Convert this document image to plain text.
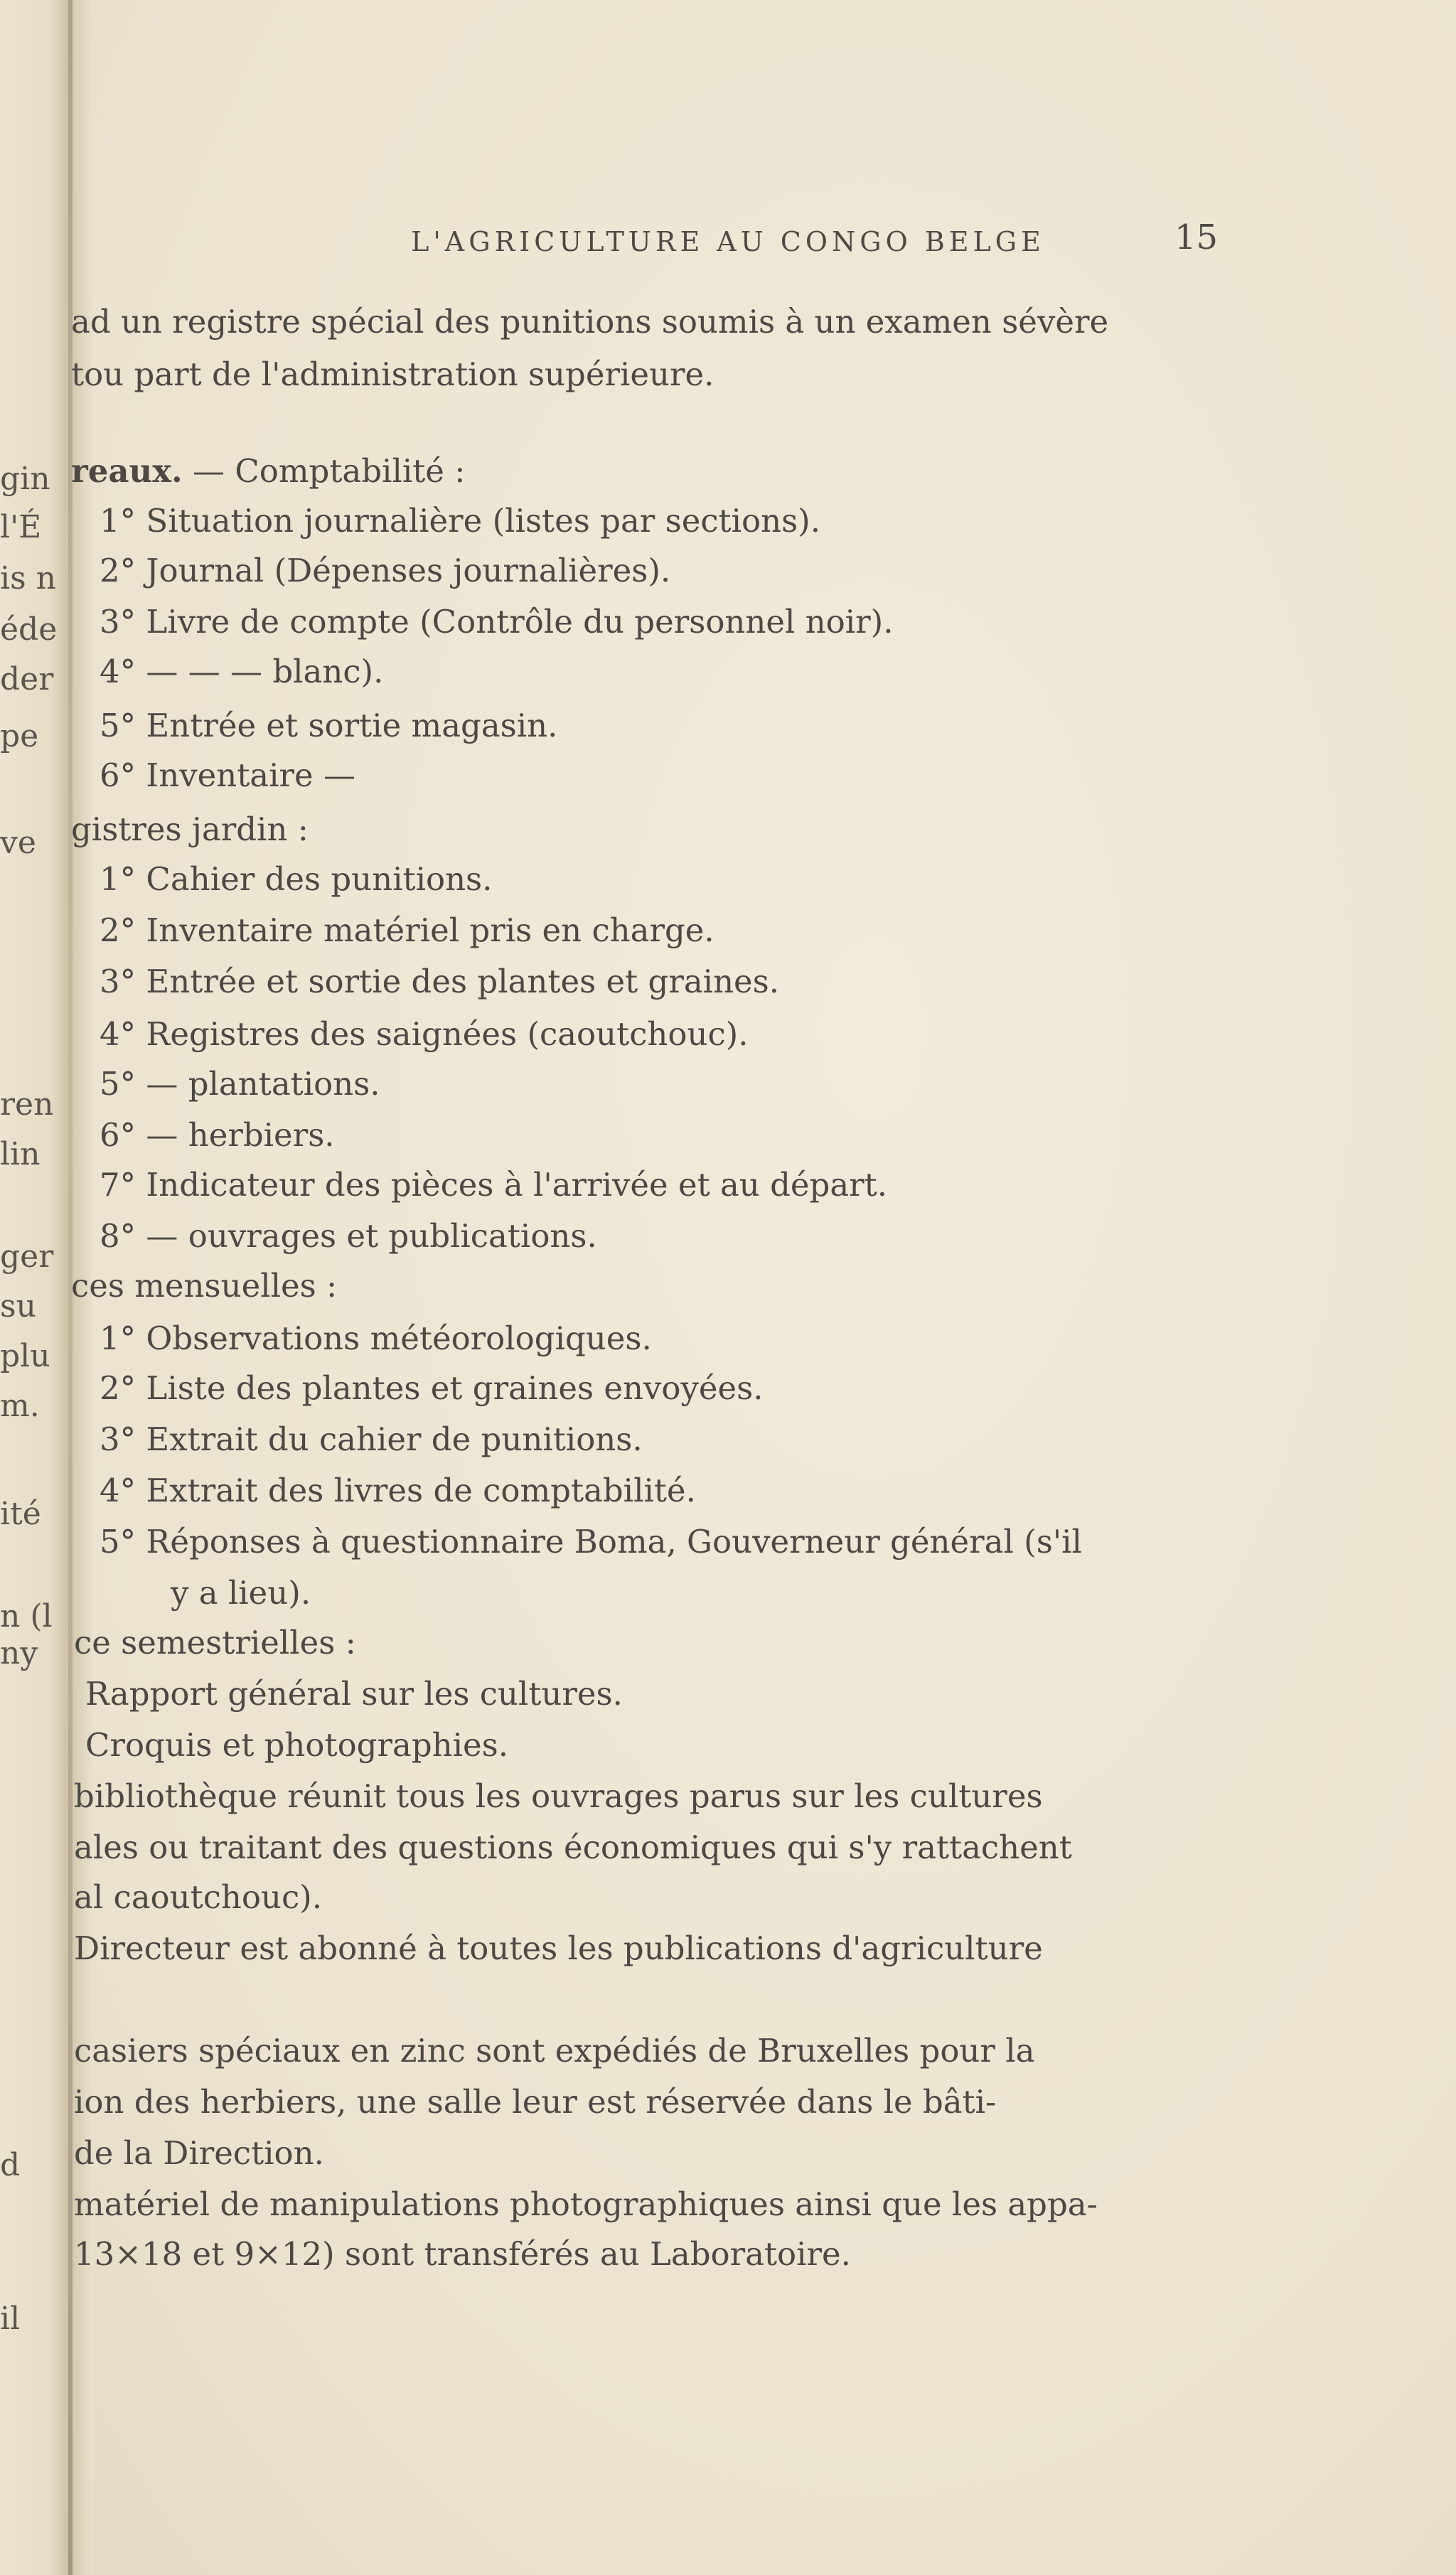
L'AGRICULTURE AU CONGO BELGE	15
gin
l'É
is n
éde
der
pe
ve
ren
lin
ger
su
plu
m.
ité
n (l
ny
d
il
ad un registre spécial des punitions soumis à un examen sévère
tou part de l'administration supérieure.
reaux. — Comptabilité :
1° Situation journalière (listes par sections).
2° Journal (Dépenses journalières).
3° Livre de compte (Contrôle du personnel noir).
4° — — — blanc).
5° Entrée et sortie magasin.
6° Inventaire —
gistres jardin :
1° Cahier des punitions.
2° Inventaire matériel pris en charge.
3° Entrée et sortie des plantes et graines.
4° Registres des saignées (caoutchouc).
5° — plantations.
6° — herbiers.
7° Indicateur des pièces à l'arrivée et au départ.
8° — ouvrages et publications.
ces mensuelles :
1° Observations météorologiques.
2° Liste des plantes et graines envoyées.
3° Extrait du cahier de punitions.
4° Extrait des livres de comptabilité.
5° Réponses à questionnaire Boma, Gouverneur général (s'il
y a lieu).
ce semestrielles :
Rapport général sur les cultures.
Croquis et photographies.
bibliothèque réunit tous les ouvrages parus sur les cultures
ales ou traitant des questions économiques qui s'y rattachent
al caoutchouc).
Directeur est abonné à toutes les publications d'agriculture
casiers spéciaux en zinc sont expédiés de Bruxelles pour la
ion des herbiers, une salle leur est réservée dans le bâti-
de la Direction.
matériel de manipulations photographiques ainsi que les appa-
13×18 et 9×12) sont transférés au Laboratoire.
